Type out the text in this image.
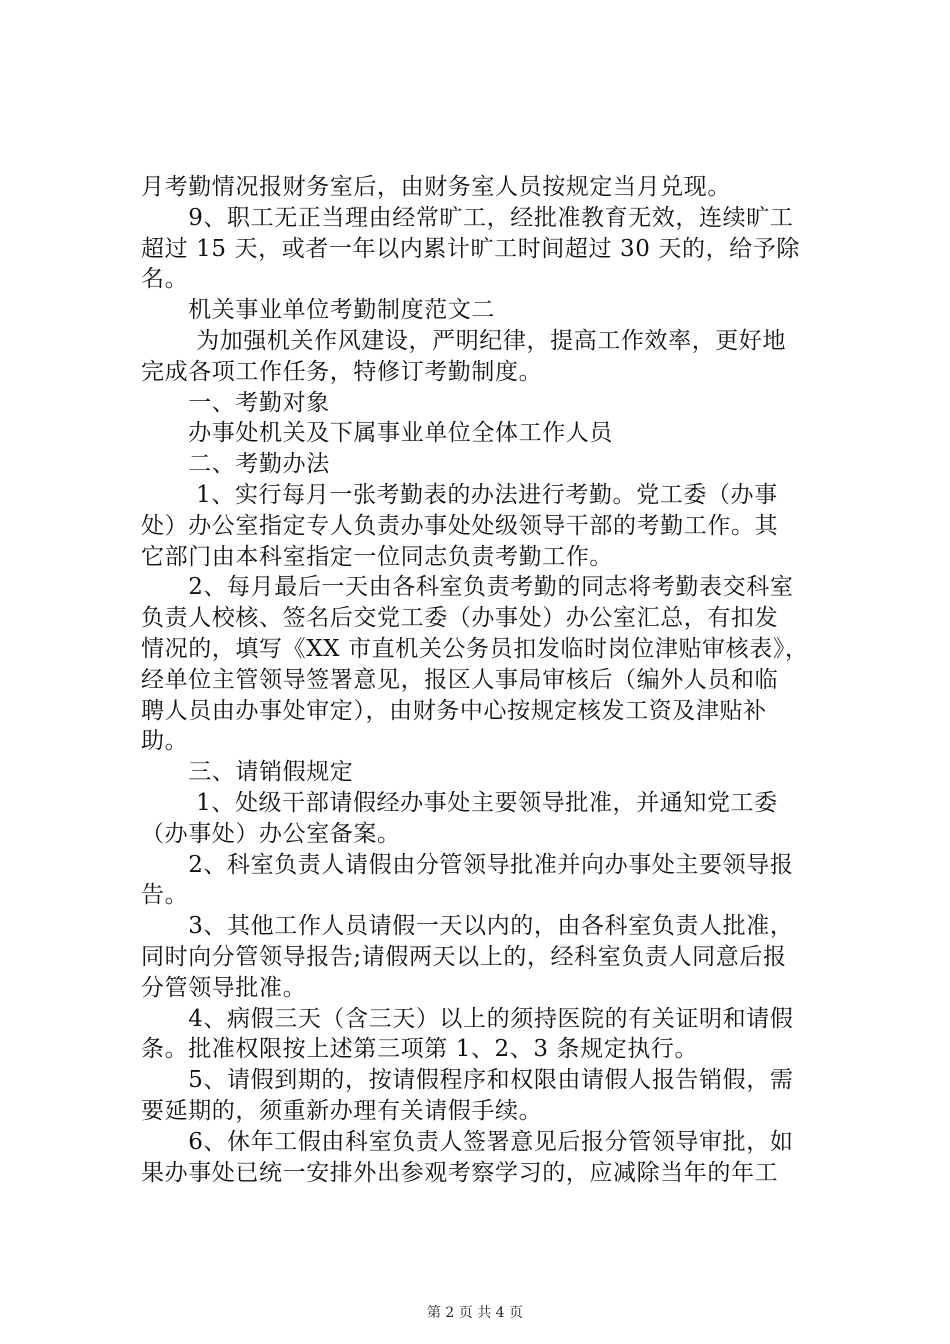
月考勤情况报财务室后，由财务室人员按规定当月兑现。
　　9、职工无正当理由经常旷工，经批准教育无效，连续旷工
超过 15 天，或者一年以内累计旷工时间超过 30 天的，给予除
名。
　　机关事业单位考勤制度范文二
　　 为加强机关作风建设，严明纪律，提高工作效率，更好地
完成各项工作任务，特修订考勤制度。
　　一、考勤对象
　　办事处机关及下属事业单位全体工作人员
　　二、考勤办法
　　 1、实行每月一张考勤表的办法进行考勤。党工委（办事
处）办公室指定专人负责办事处处级领导干部的考勤工作。其
它部门由本科室指定一位同志负责考勤工作。
　　2、每月最后一天由各科室负责考勤的同志将考勤表交科室
负责人校核、签名后交党工委（办事处）办公室汇总，有扣发
情况的，填写《XX 市直机关公务员扣发临时岗位津贴审核表》，
经单位主管领导签署意见，报区人事局审核后（编外人员和临
聘人员由办事处审定），由财务中心按规定核发工资及津贴补
助。
　　三、请销假规定
　　 1、处级干部请假经办事处主要领导批准，并通知党工委
（办事处）办公室备案。
　　2、科室负责人请假由分管领导批准并向办事处主要领导报
告。
　　3、其他工作人员请假一天以内的，由各科室负责人批准，
同时向分管领导报告;请假两天以上的，经科室负责人同意后报
分管领导批准。
　　4、病假三天（含三天）以上的须持医院的有关证明和请假
条。批准权限按上述第三项第 1、2、3 条规定执行。
　　5、请假到期的，按请假程序和权限由请假人报告销假，需
要延期的，须重新办理有关请假手续。
　　6、休年工假由科室负责人签署意见后报分管领导审批，如
果办事处已统一安排外出参观考察学习的，应减除当年的年工
第 2 页 共 4 页
